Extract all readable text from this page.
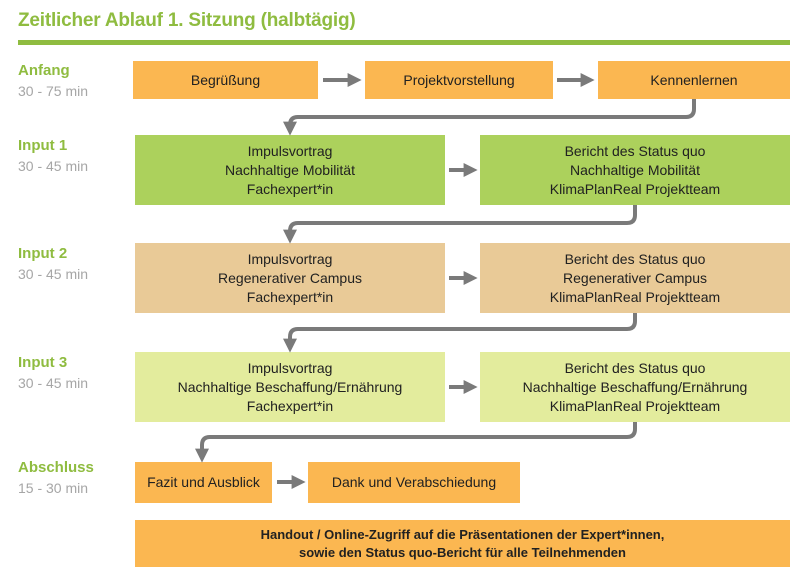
Zeitlicher Ablauf 1. Sitzung (halbtägig)
Anfang
30 - 75 min
Input 1
30 - 45 min
Input 2
30 - 45 min
Input 3
30 - 45 min
Abschluss
15 - 30 min
Begrüßung	Projektvorstellung	Kennenlernen
Impulsvortrag
Nachhaltige Mobilität
Fachexpert*in
Bericht des Status quo
Nachhaltige Mobilität
KlimaPlanReal Projektteam
Impulsvortrag
Regenerativer Campus
Fachexpert*in
Bericht des Status quo
Regenerativer Campus
KlimaPlanReal Projektteam
Impulsvortrag
Nachhaltige Beschaffung/Ernährung
Fachexpert*in
Bericht des Status quo
Nachhaltige Beschaffung/Ernährung
KlimaPlanReal Projektteam
Fazit und Ausblick	Dank und Verabschiedung
Handout / Online-Zugriff auf die Präsentationen der Expert*innen,
sowie den Status quo-Bericht für alle Teilnehmenden
